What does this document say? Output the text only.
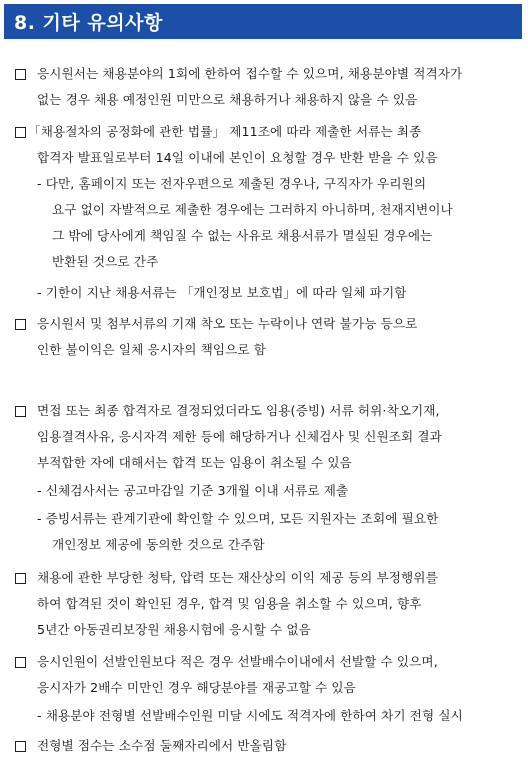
8. 기타 유의사항
응시원서는 채용분야의 1회에 한하여 접수할 수 있으며, 채용분야별 적격자가
없는 경우 채용 예정인원 미만으로 채용하거나 채용하지 않을 수 있음
「채용절차의 공정화에 관한 법률」 제11조에 따라 제출한 서류는 최종
합격자 발표일로부터 14일 이내에 본인이 요청할 경우 반환 받을 수 있음
- 다만, 홈페이지 또는 전자우편으로 제출된 경우나, 구직자가 우리원의
요구 없이 자발적으로 제출한 경우에는 그러하지 아니하며, 천재지변이나
그 밖에 당사에게 책임질 수 없는 사유로 채용서류가 멸실된 경우에는
반환된 것으로 간주
- 기한이 지난 채용서류는 「개인정보 보호법」에 따라 일체 파기함
응시원서 및 첨부서류의 기재 착오 또는 누락이나 연락 불가능 등으로
인한 불이익은 일체 응시자의 책임으로 함
면접 또는 최종 합격자로 결정되었더라도 임용(증빙) 서류 허위·착오기재,
임용결격사유, 응시자격 제한 등에 해당하거나 신체검사 및 신원조회 결과
부적합한 자에 대해서는 합격 또는 임용이 취소될 수 있음
- 신체검사서는 공고마감일 기준 3개월 이내 서류로 제출
- 증빙서류는 관계기관에 확인할 수 있으며, 모든 지원자는 조회에 필요한
개인정보 제공에 동의한 것으로 간주함
채용에 관한 부당한 청탁, 압력 또는 재산상의 이익 제공 등의 부정행위를
하여 합격된 것이 확인된 경우, 합격 및 임용을 취소할 수 있으며, 향후
5년간 아동권리보장원 채용시험에 응시할 수 없음
응시인원이 선발인원보다 적은 경우 선발배수이내에서 선발할 수 있으며,
응시자가 2배수 미만인 경우 해당분야를 재공고할 수 있음
- 채용분야 전형별 선발배수인원 미달 시에도 적격자에 한하여 차기 전형 실시
전형별 점수는 소수점 둘째자리에서 반올림함
